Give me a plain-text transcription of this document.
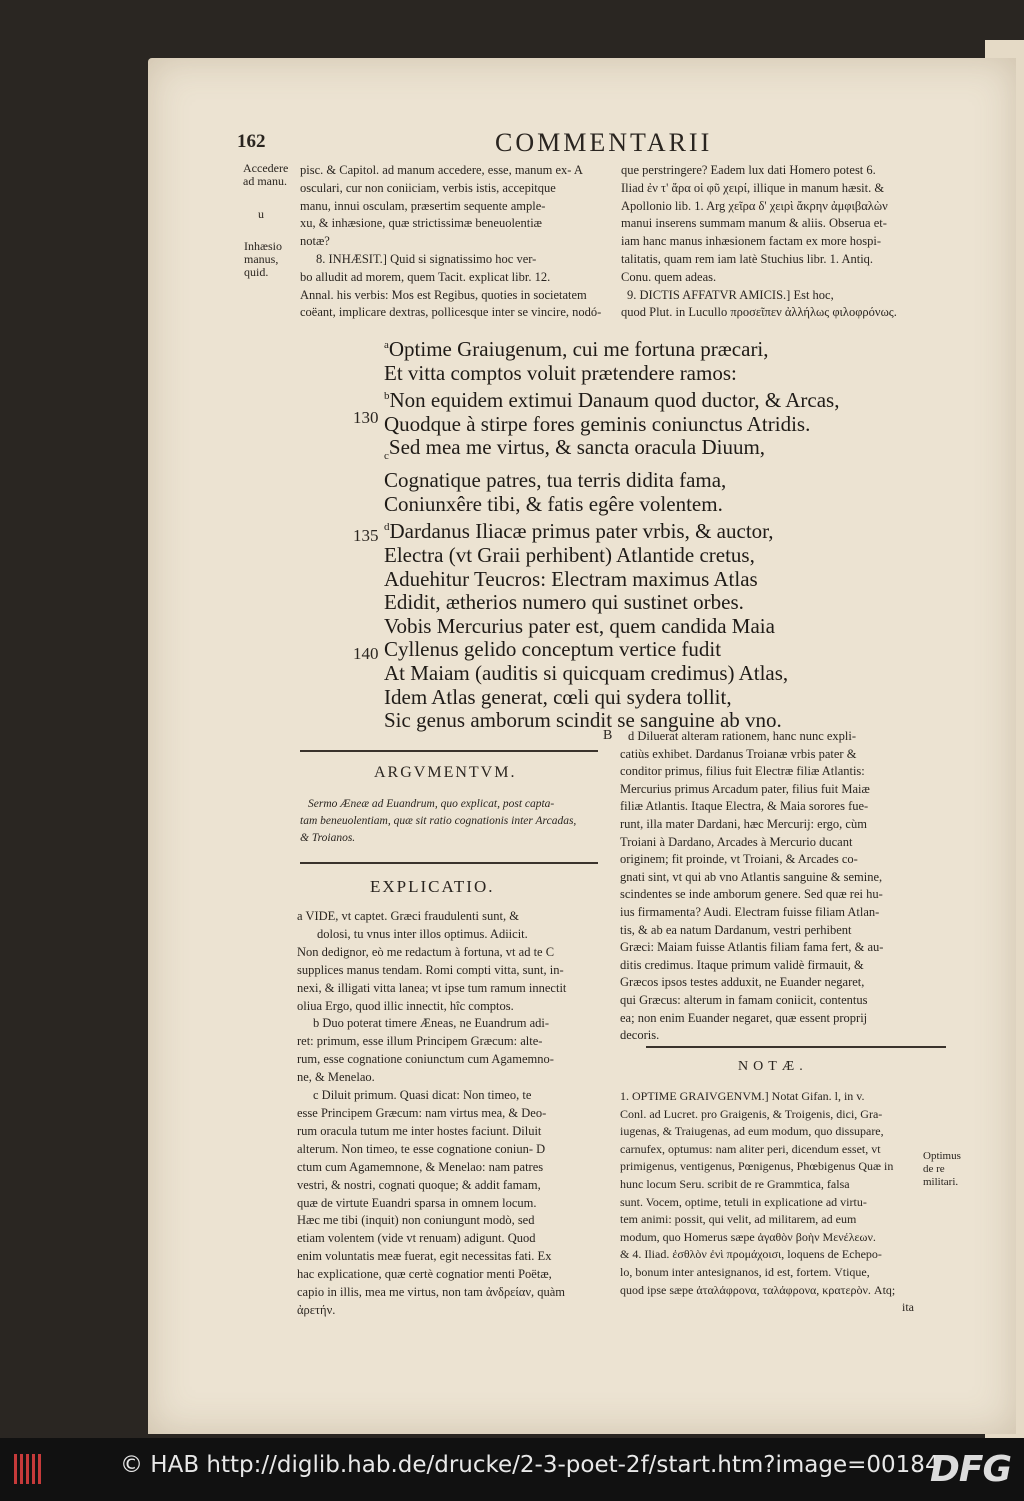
162	COMMENTARII
Accedere ad manu.
u
Inhæsio manus, quid.
pisc. & Capitol. ad manum accedere, esse, manum ex- A
osculari, cur non coniiciam, verbis istis, accepitque
manu, innui osculam, præsertim sequente ample-
xu, & inhæsione, quæ strictissimæ beneuolentiæ
notæ?
8. INHÆSIT.] Quid si signatissimo hoc ver-
bo alludit ad morem, quem Tacit. explicat libr. 12.
Annal. his verbis: Mos est Regibus, quoties in societatem
coëant, implicare dextras, pollicesque inter se vincire, nodó-
que perstringere? Eadem lux dati Homero potest 6.
Iliad ἐν τ' ἄρα οἱ φῦ χειρί, illique in manum hæsit. &
Apollonio lib. 1. Arg χεῖρα δ' χειρὶ ἄκρην ἀμφιβαλὼν
manui inserens summam manum & aliis. Obserua et-
iam hanc manus inhæsionem factam ex more hospi-
talitatis, quam rem iam latè Stuchius libr. 1. Antiq.
Conu. quem adeas.
9. DICTIS AFFATVR AMICIS.] Est hoc,
quod Plut. in Lucullo προσεῖπεν ἀλλήλως φιλοφρόνως.
$^a$Optime Graiugenum, cui me fortuna præcari,
Et vitta comptos voluit prætendere ramos:
$^b$Non equidem extimui Danaum quod ductor, & Arcas,
Quodque à stirpe fores geminis coniunctus Atridis.
$_c$Sed mea me virtus, & sancta oracula Diuum,
Cognatique patres, tua terris didita fama,
Coniunxêre tibi, & fatis egêre volentem.
$^d$Dardanus Iliacæ primus pater vrbis, & auctor,
Electra (vt Graii perhibent) Atlantide cretus,
Aduehitur Teucros: Electram maximus Atlas
Edidit, ætherios numero qui sustinet orbes.
Vobis Mercurius pater est, quem candida Maia
Cyllenus gelido conceptum vertice fudit
At Maiam (auditis si quicquam credimus) Atlas,
Idem Atlas generat, cœli qui sydera tollit,
Sic genus amborum scindit se sanguine ab vno.
130
135
140
ARGVMENTVM.
Sermo Æneæ ad Euandrum, quo explicat, post capta-
tam beneuolentiam, quæ sit ratio cognationis inter Arcadas,
& Troianos.
EXPLICATIO.
a VIDE, vt captet. Græci fraudulenti sunt, &
dolosi, tu vnus inter illos optimus. Adiicit.
Non dedignor, eò me redactum à fortuna, vt ad te C
supplices manus tendam. Romi compti vitta, sunt, in-
nexi, & illigati vitta lanea; vt ipse tum ramum innectit
oliua Ergo, quod illic innectit, hîc comptos.
b Duo poterat timere Æneas, ne Euandrum adi-
ret: primum, esse illum Principem Græcum: alte-
rum, esse cognatione coniunctum cum Agamemno-
ne, & Menelao.
c Diluit primum. Quasi dicat: Non timeo, te
esse Principem Græcum: nam virtus mea, & Deo-
rum oracula tutum me inter hostes faciunt. Diluit
alterum. Non timeo, te esse cognatione coniun- D
ctum cum Agamemnone, & Menelao: nam patres
vestri, & nostri, cognati quoque; & addit famam,
quæ de virtute Euandri sparsa in omnem locum.
Hæc me tibi (inquit) non coniungunt modò, sed
etiam volentem (vide vt renuam) adigunt. Quod
enim voluntatis meæ fuerat, egit necessitas fati. Ex
hac explicatione, quæ certè cognatior menti Poëtæ,
capio in illis, mea me virtus, non tam ἀνδρείαν, quàm
ἀρετήν.
B	d Diluerat alteram rationem, hanc nunc expli-
catiùs exhibet. Dardanus Troianæ vrbis pater &
conditor primus, filius fuit Electræ filiæ Atlantis:
Mercurius primus Arcadum pater, filius fuit Maiæ
filiæ Atlantis. Itaque Electra, & Maia sorores fue-
runt, illa mater Dardani, hæc Mercurij: ergo, cùm
Troiani à Dardano, Arcades à Mercurio ducant
originem; fit proinde, vt Troiani, & Arcades co-
gnati sint, vt qui ab vno Atlantis sanguine & semine,
scindentes se inde amborum genere. Sed quæ rei hu-
ius firmamenta? Audi. Electram fuisse filiam Atlan-
tis, & ab ea natum Dardanum, vestri perhibent
Græci: Maiam fuisse Atlantis filiam fama fert, & au-
ditis credimus. Itaque primum validè firmauit, &
Græcos ipsos testes adduxit, ne Euander negaret,
qui Græcus: alterum in famam coniicit, contentus
ea; non enim Euander negaret, quæ essent proprij
decoris.
NOTÆ.
1. OPTIME GRAIVGENVM.] Notat Gifan. l, in v.
Conl. ad Lucret. pro Graigenis, & Troigenis, dici, Gra-
iugenas, & Traiugenas, ad eum modum, quo dissupare,
carnufex, optumus: nam aliter peri, dicendum esset, vt
primigenus, ventigenus, Pœnigenus, Phœbigenus Quæ in
hunc locum Seru. scribit de re Grammtica, falsa
sunt. Vocem, optime, tetuli in explicatione ad virtu-
tem animi: possit, qui velit, ad militarem, ad eum
modum, quo Homerus sæpe ἀγαθὸν βοὴν Μενέλεων.
& 4. Iliad. ἐσθλὸν ἐνὶ προμάχοισι, loquens de Echepo-
lo, bonum inter antesignanos, id est, fortem. Vtique,
quod ipse sæpe ἀταλάφρονα, ταλάφρονα, κρατερὸν. Atq;
ita
Optimus de re militari.
© HAB http://diglib.hab.de/drucke/2-3-poet-2f/start.htm?image=00184
DFG
